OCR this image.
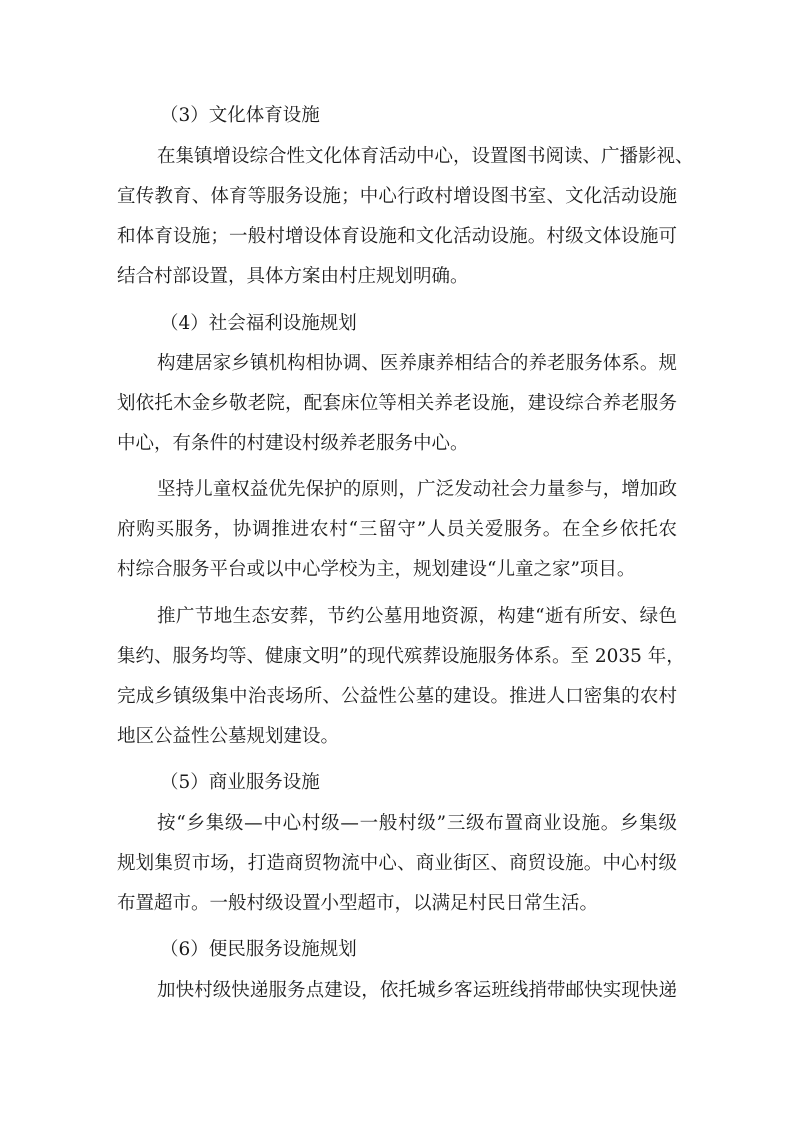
（3）文化体育设施
在集镇增设综合性文化体育活动中心，设置图书阅读、广播影视、
宣传教育、体育等服务设施；中心行政村增设图书室、文化活动设施
和体育设施；一般村增设体育设施和文化活动设施。村级文体设施可
结合村部设置，具体方案由村庄规划明确。
（4）社会福利设施规划
构建居家乡镇机构相协调、医养康养相结合的养老服务体系。规
划依托木金乡敬老院，配套床位等相关养老设施，建设综合养老服务
中心，有条件的村建设村级养老服务中心。
坚持儿童权益优先保护的原则，广泛发动社会力量参与，增加政
府购买服务，协调推进农村“三留守”人员关爱服务。在全乡依托农
村综合服务平台或以中心学校为主，规划建设“儿童之家”项目。
推广节地生态安葬，节约公墓用地资源，构建“逝有所安、绿色
集约、服务均等、健康文明”的现代殡葬设施服务体系。至 2035 年，
完成乡镇级集中治丧场所、公益性公墓的建设。推进人口密集的农村
地区公益性公墓规划建设。
（5）商业服务设施
按“乡集级—中心村级—一般村级”三级布置商业设施。乡集级
规划集贸市场，打造商贸物流中心、商业街区、商贸设施。中心村级
布置超市。一般村级设置小型超市，以满足村民日常生活。
（6）便民服务设施规划
加快村级快递服务点建设，依托城乡客运班线捎带邮快实现快递
